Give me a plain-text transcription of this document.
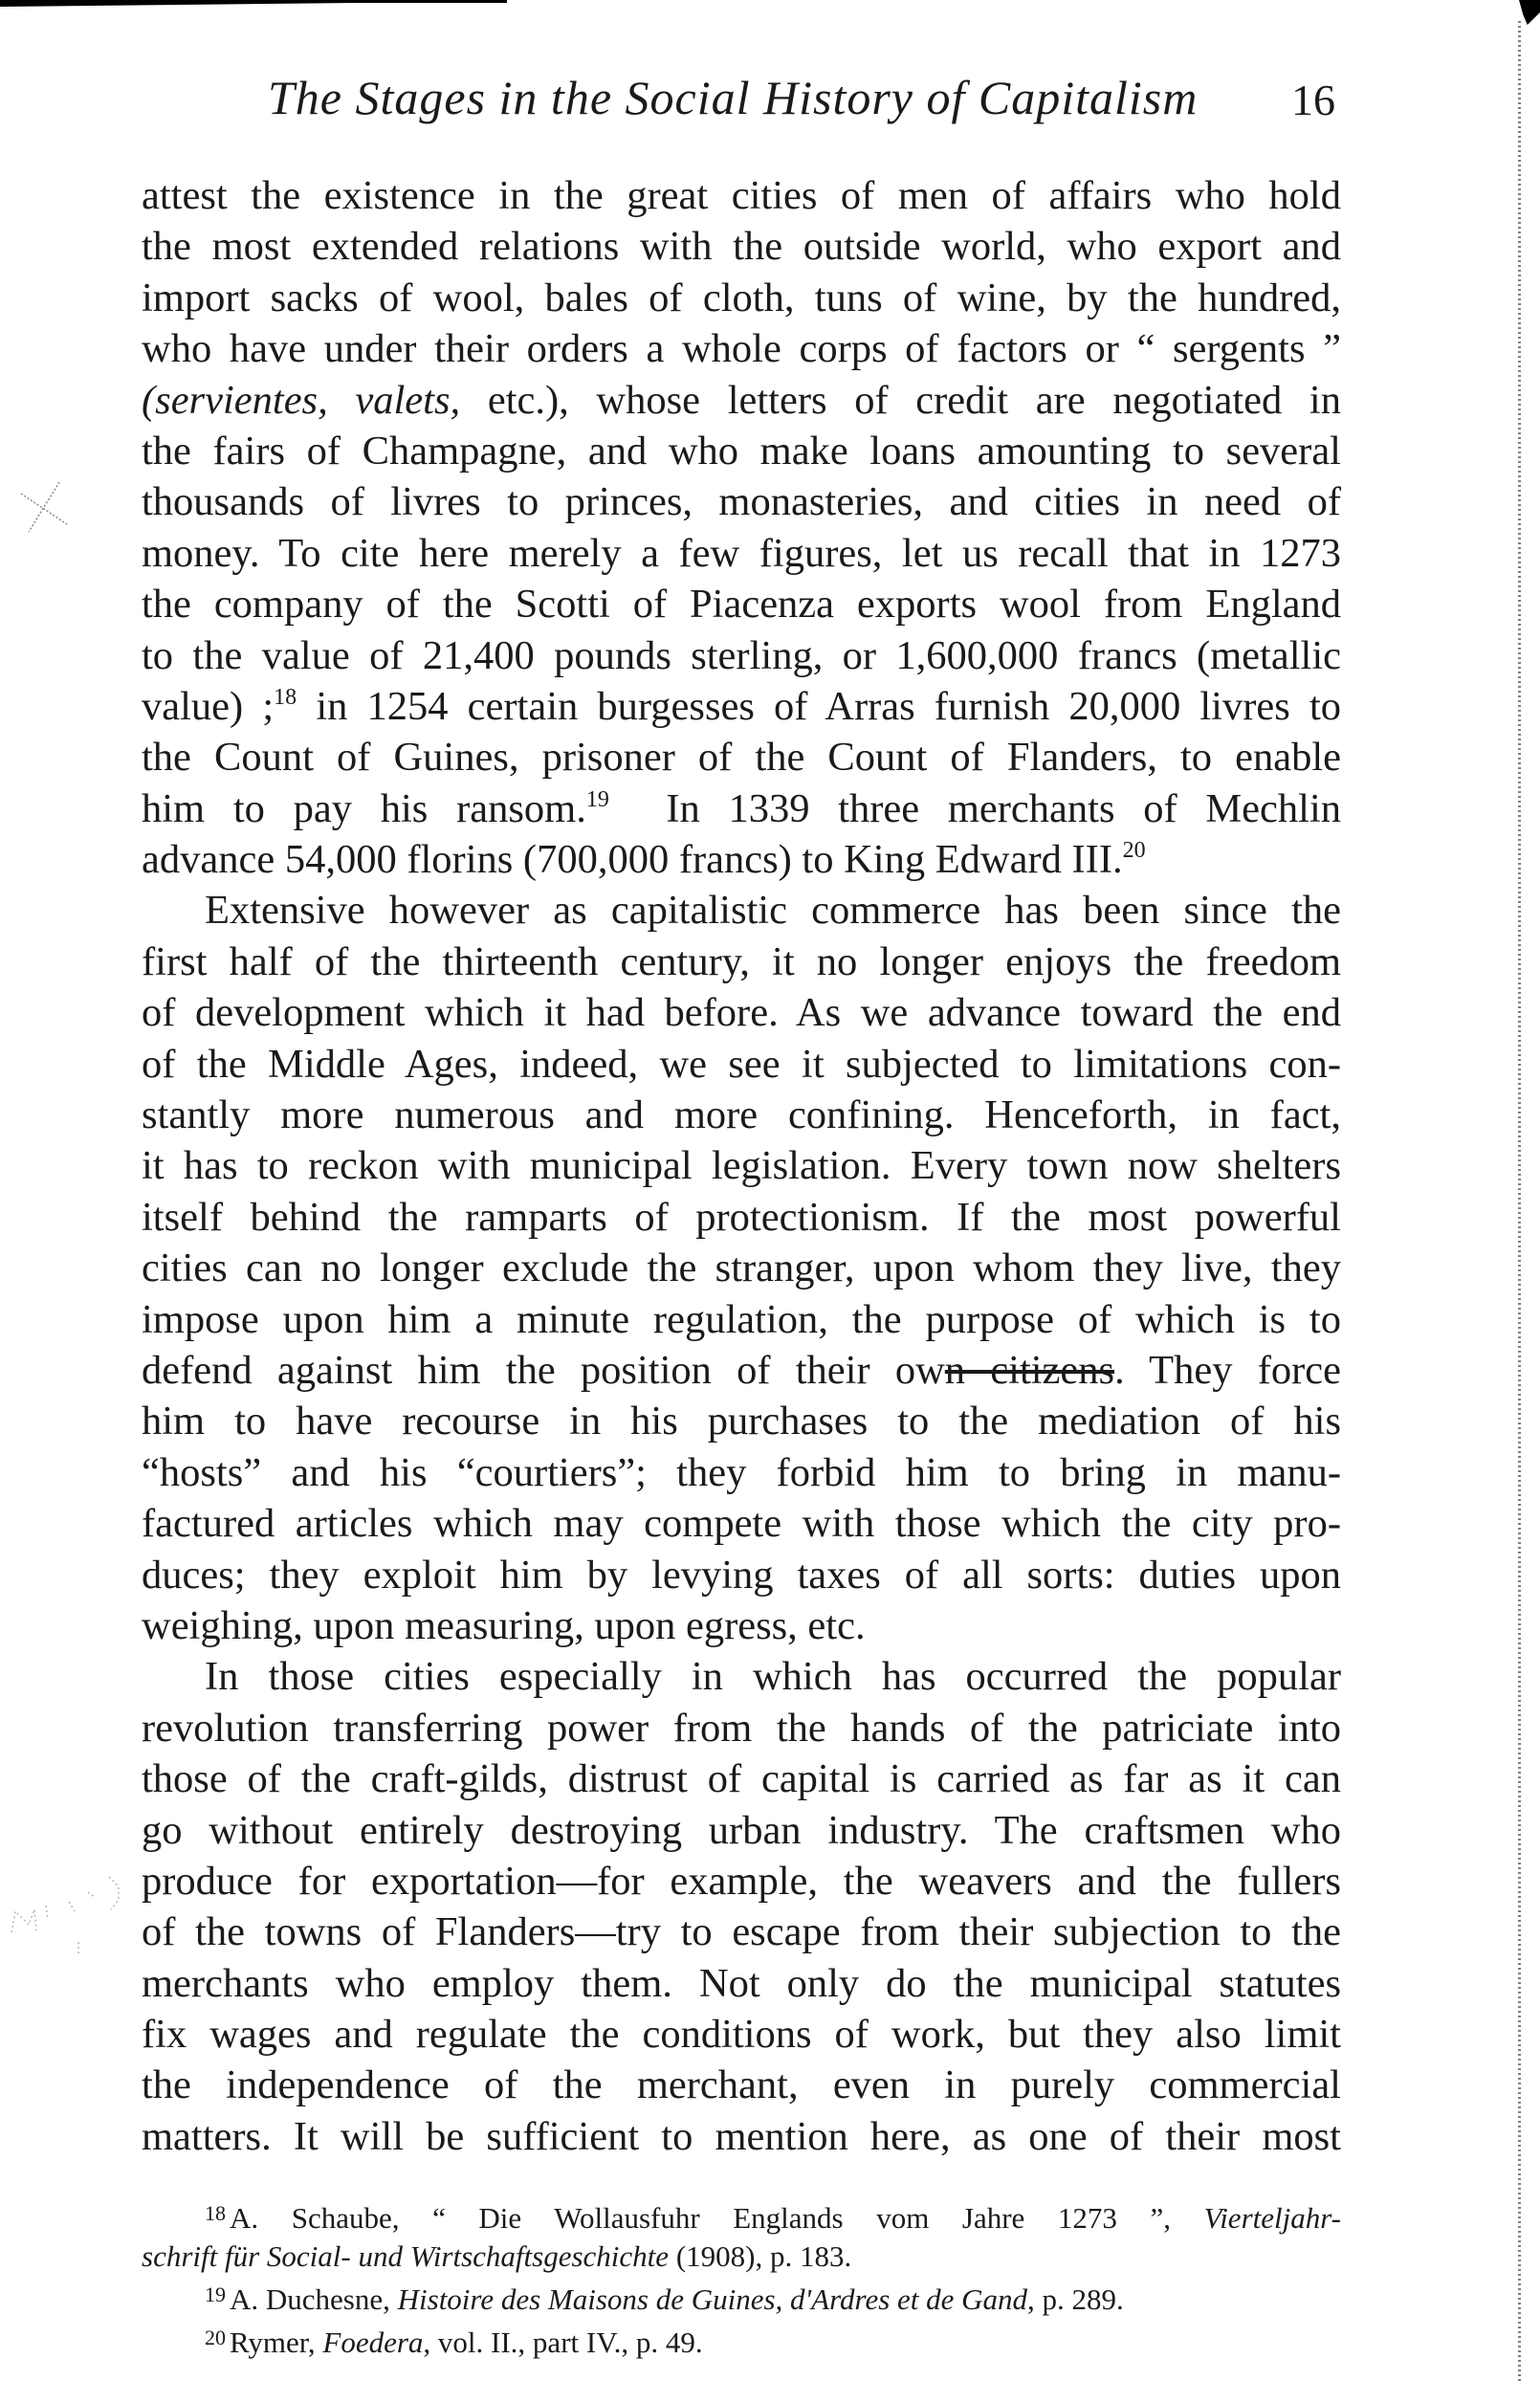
The Stages in the Social History of Capitalism	16
attest the existence in the great cities of men of affairs who hold
the most extended relations with the outside world, who export and
import sacks of wool, bales of cloth, tuns of wine, by the hundred,
who have under their orders a whole corps of factors or “ sergents ”
(servientes, valets, etc.), whose letters of credit are negotiated in
the fairs of Champagne, and who make loans amounting to several
thousands of livres to princes, monasteries, and cities in need of
money. To cite here merely a few figures, let us recall that in 1273
the company of the Scotti of Piacenza exports wool from England
to the value of 21,400 pounds sterling, or 1,600,000 francs (metallic
value) ;$^{18}$ in 1254 certain burgesses of Arras furnish 20,000 livres to
the Count of Guines, prisoner of the Count of Flanders, to enable
him to pay his ransom.$^{19}$ In 1339 three merchants of Mechlin
advance 54,000 florins (700,000 francs) to King Edward III.$^{20}$
Extensive however as capitalistic commerce has been since the
first half of the thirteenth century, it no longer enjoys the freedom
of development which it had before. As we advance toward the end
of the Middle Ages, indeed, we see it subjected to limitations con-
stantly more numerous and more confining. Henceforth, in fact,
it has to reckon with municipal legislation. Every town now shelters
itself behind the ramparts of protectionism. If the most powerful
cities can no longer exclude the stranger, upon whom they live, they
impose upon him a minute regulation, the purpose of which is to
defend against him the position of their own citizens. They force
him to have recourse in his purchases to the mediation of his
“hosts” and his “courtiers”; they forbid him to bring in manu-
factured articles which may compete with those which the city pro-
duces; they exploit him by levying taxes of all sorts: duties upon
weighing, upon measuring, upon egress, etc.
In those cities especially in which has occurred the popular
revolution transferring power from the hands of the patriciate into
those of the craft-gilds, distrust of capital is carried as far as it can
go without entirely destroying urban industry. The craftsmen who
produce for exportation—for example, the weavers and the fullers
of the towns of Flanders—try to escape from their subjection to the
merchants who employ them. Not only do the municipal statutes
fix wages and regulate the conditions of work, but they also limit
the independence of the merchant, even in purely commercial
matters. It will be sufficient to mention here, as one of their most
$^{18}$ A. Schaube, “ Die Wollausfuhr Englands vom Jahre 1273 ”, Vierteljahr-
schrift für Social- und Wirtschaftsgeschichte (1908), p. 183.
$^{19}$ A. Duchesne, Histoire des Maisons de Guines, d'Ardres et de Gand, p. 289.
$^{20}$ Rymer, Foedera, vol. II., part IV., p. 49.
